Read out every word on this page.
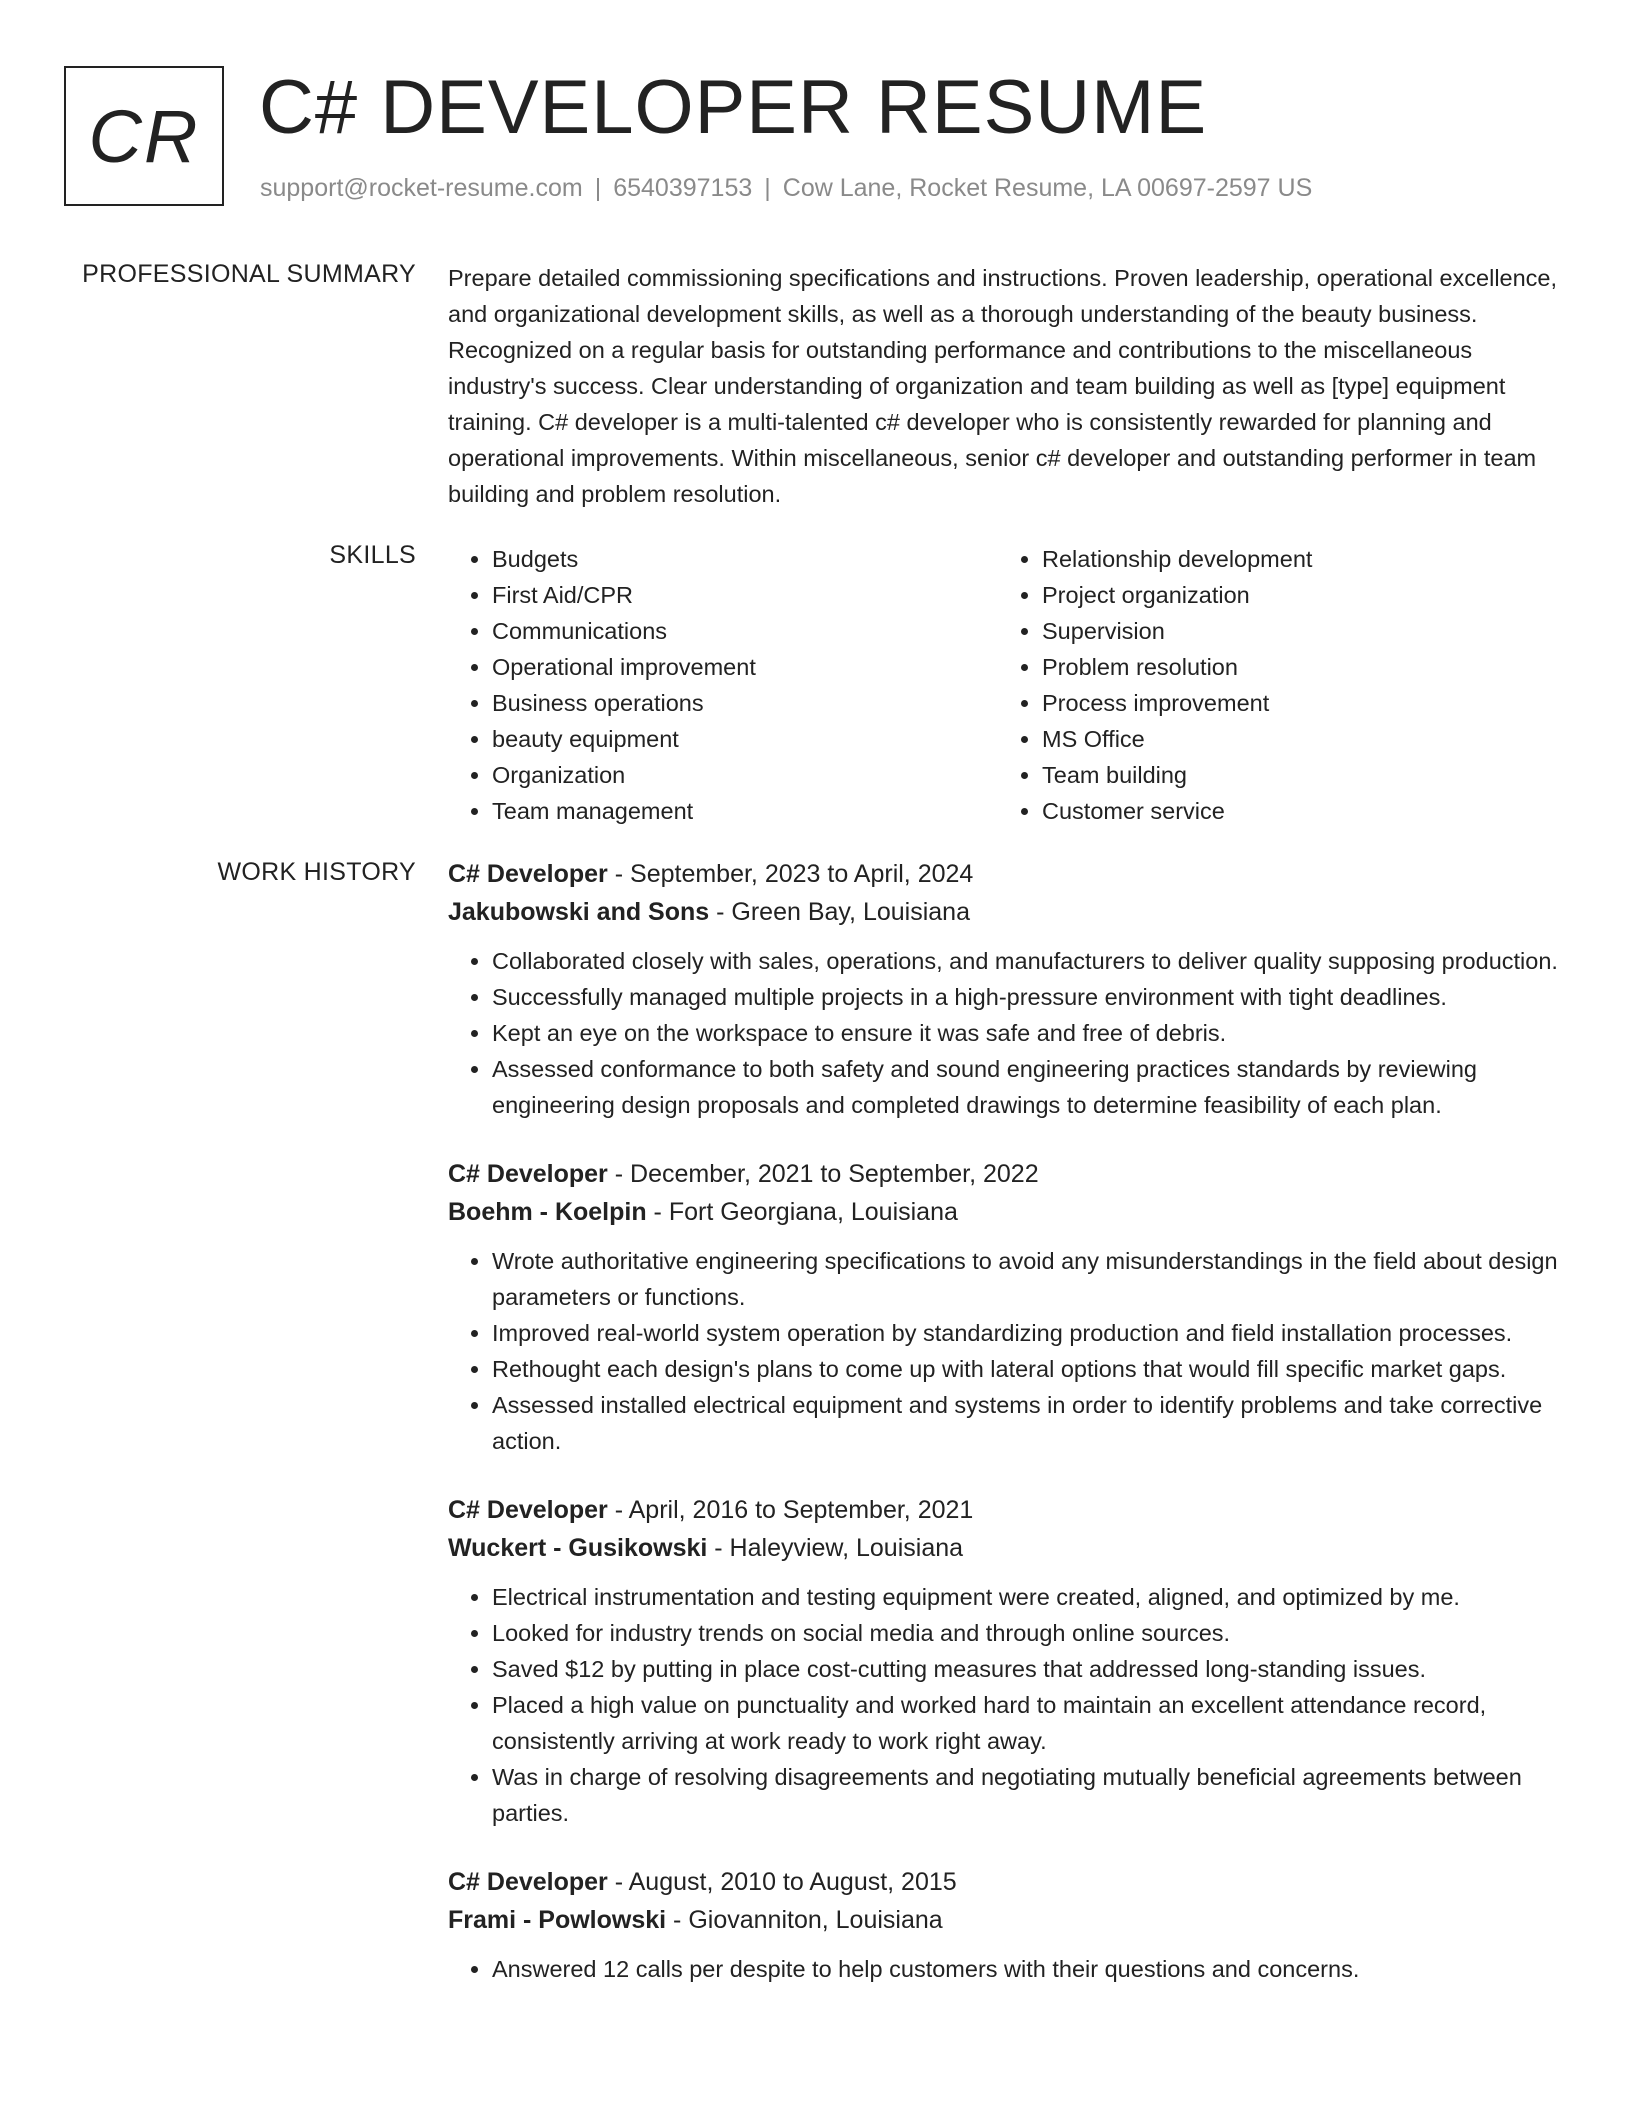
CR C# DEVELOPER RESUME
support@rocket-resume.com | 6540397153 | Cow Lane, Rocket Resume, LA 00697-2597 US
PROFESSIONAL SUMMARY Prepare detailed commissioning specifications and instructions. Proven leadership, operational excellence, and organizational development skills, as well as a thorough understanding of the beauty business. Recognized on a regular basis for outstanding performance and contributions to the miscellaneous industry's success. Clear understanding of organization and team building as well as [type] equipment training. C# developer is a multi-talented c# developer who is consistently rewarded for planning and operational improvements. Within miscellaneous, senior c# developer and outstanding performer in team building and problem resolution.

SKILLS
•	Budgets
• First Aid/CPR
• Communications
• Operational improvement
• Business operations
• beauty equipment
• Organization
• Team management
• Relationship development
• Project organization
• Supervision
• Problem resolution
• Process improvement
• MS Office
• Team building
• Customer service
WORK HISTORY C# Developer - September, 2023 to April, 2024
Jakubowski and Sons - Green Bay, Louisiana
• Collaborated closely with sales, operations, and manufacturers to deliver quality supposing production.
• Successfully managed multiple projects in a high-pressure environment with tight deadlines.
• Kept an eye on the workspace to ensure it was safe and free of debris.
• Assessed conformance to both safety and sound engineering practices standards by reviewing engineering design proposals and completed drawings to determine feasibility of each plan.
C# Developer - December, 2021 to September, 2022
Boehm - Koelpin - Fort Georgiana, Louisiana
• Wrote authoritative engineering specifications to avoid any misunderstandings in the field about design parameters or functions.
• Improved real-world system operation by standardizing production and field installation processes.
• Rethought each design's plans to come up with lateral options that would fill specific market gaps.
• Assessed installed electrical equipment and systems in order to identify problems and take corrective action.
C# Developer - April, 2016 to September, 2021
Wuckert - Gusikowski - Haleyview, Louisiana
• Electrical instrumentation and testing equipment were created, aligned, and optimized by me.
• Looked for industry trends on social media and through online sources.
• Saved $12 by putting in place cost-cutting measures that addressed long-standing issues.
• Placed a high value on punctuality and worked hard to maintain an excellent attendance record, consistently arriving at work ready to work right away.
• Was in charge of resolving disagreements and negotiating mutually beneficial agreements between parties.
C# Developer - August, 2010 to August, 2015
Frami - Powlowski - Giovanniton, Louisiana
• Answered 12 calls per despite to help customers with their questions and concerns.
